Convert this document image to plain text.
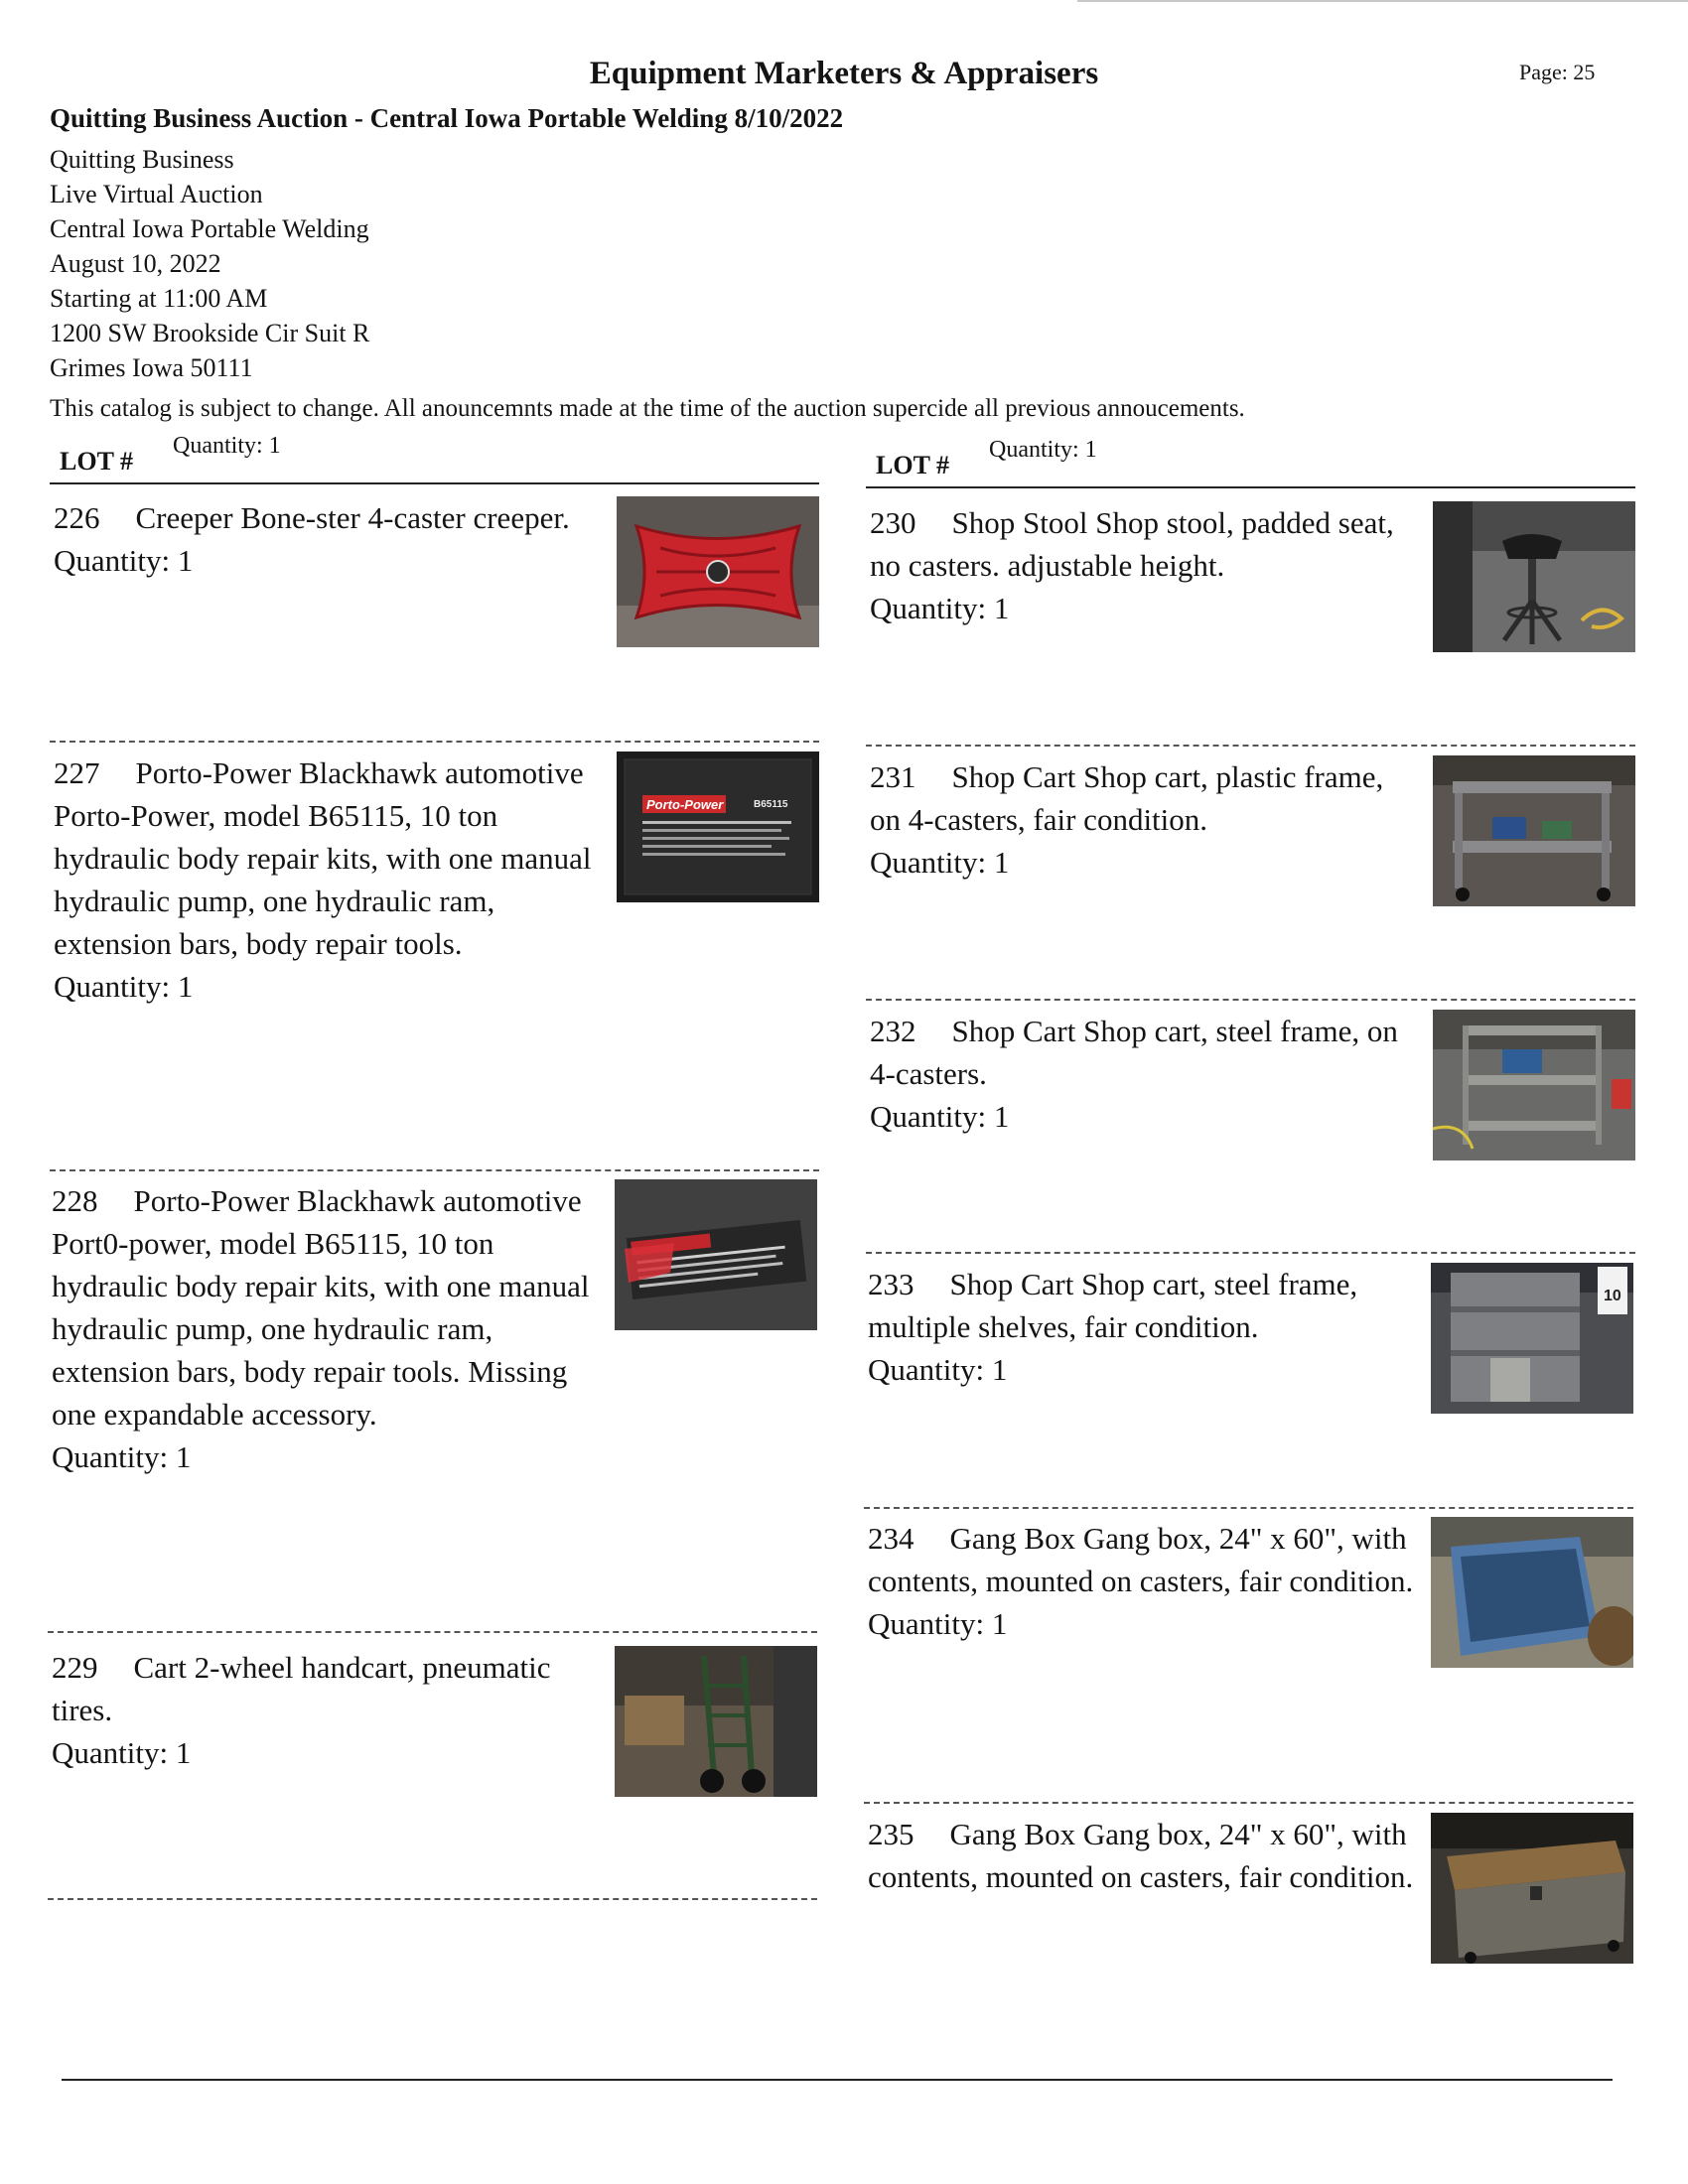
Equipment Marketers & Appraisers	Page: 25
Quitting Business Auction - Central Iowa Portable Welding 8/10/2022
Quitting Business
Live Virtual Auction
Central Iowa Portable Welding
August 10, 2022
Starting at 11:00 AM
1200 SW Brookside Cir Suit R
Grimes Iowa 50111
This catalog is subject to change. All anouncemnts made at the time of the auction supercide all previous annoucements.
LOT #
Quantity: 1
LOT #
Quantity: 1
226 Creeper Bone-ster 4-caster creeper.
Quantity: 1
227 Porto-Power Blackhawk automotive Porto-Power, model B65115, 10 ton hydraulic body repair kits, with one manual hydraulic pump, one hydraulic ram, extension bars, body repair tools.
Quantity: 1
Porto-Power	B65115
228 Porto-Power Blackhawk automotive Port0-power, model B65115, 10 ton hydraulic body repair kits, with one manual hydraulic pump, one hydraulic ram, extension bars, body repair tools. Missing one expandable accessory.
Quantity: 1
229 Cart 2-wheel handcart, pneumatic tires.
Quantity: 1
230 Shop Stool Shop stool, padded seat, no casters. adjustable height.
Quantity: 1
231 Shop Cart Shop cart, plastic frame, on 4-casters, fair condition.
Quantity: 1
232 Shop Cart Shop cart, steel frame, on 4-casters.
Quantity: 1
233 Shop Cart Shop cart, steel frame, multiple shelves, fair condition.
Quantity: 1
10
234 Gang Box Gang box, 24" x 60", with contents, mounted on casters, fair condition.
Quantity: 1
235 Gang Box Gang box, 24" x 60", with contents, mounted on casters, fair condition.
